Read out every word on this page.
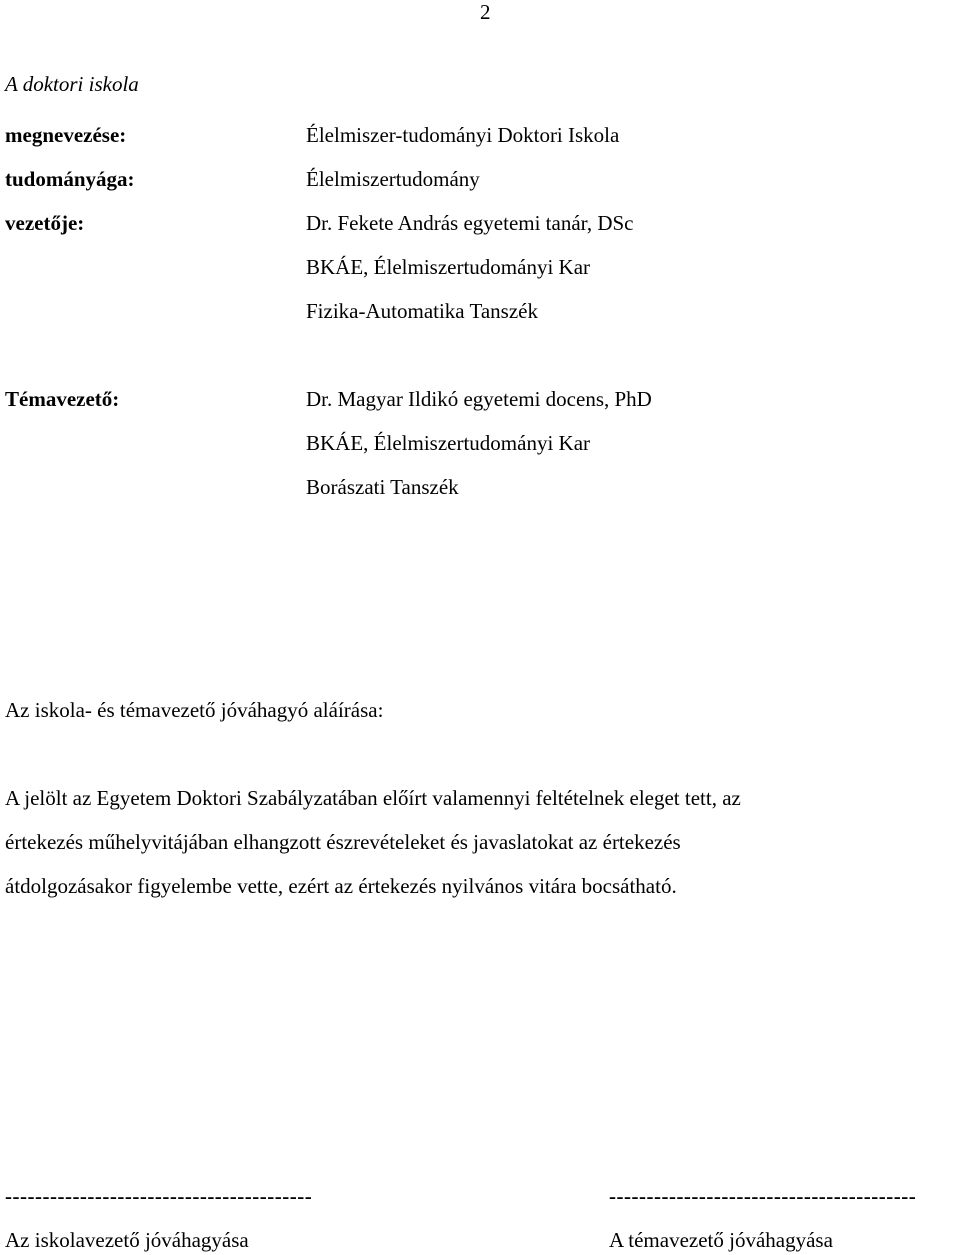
2
A doktori iskola
megnevezése:	Élelmiszer-tudományi Doktori Iskola
tudományága:	Élelmiszertudomány
vezetője:	Dr. Fekete András egyetemi tanár, DSc
BKÁE, Élelmiszertudományi Kar
Fizika-Automatika Tanszék
Témavezető:	Dr. Magyar Ildikó egyetemi docens, PhD
BKÁE, Élelmiszertudományi Kar
Borászati Tanszék
Az iskola- és témavezető jóváhagyó aláírása:
A jelölt az Egyetem Doktori Szabályzatában előírt valamennyi feltételnek eleget tett, az
értekezés műhelyvitájában elhangzott észrevételeket és javaslatokat az értekezés
átdolgozásakor figyelembe vette, ezért az értekezés nyilvános vitára bocsátható.
-----------------------------------------
Az iskolavezető jóváhagyása
-----------------------------------------
A témavezető jóváhagyása
